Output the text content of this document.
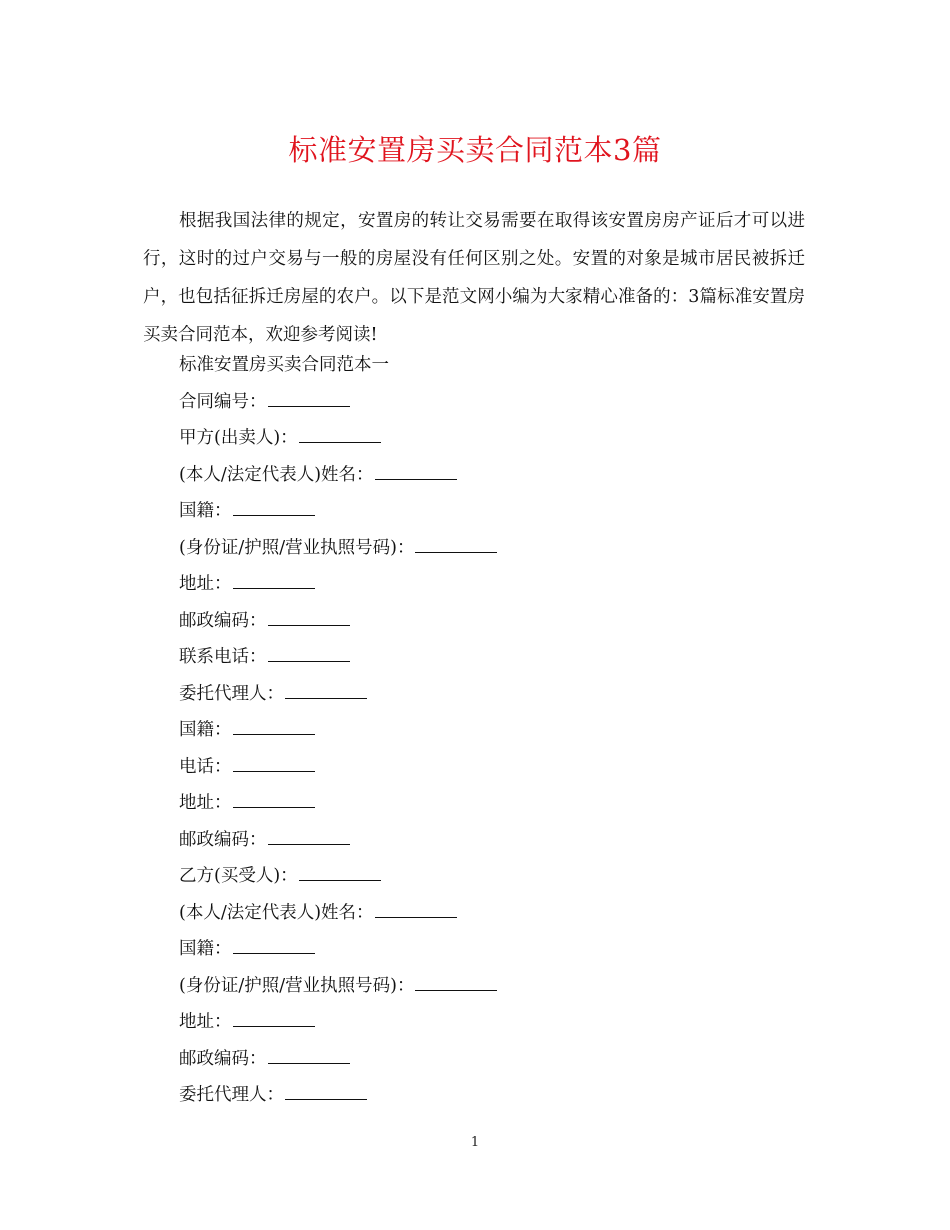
标准安置房买卖合同范本3篇
根据我国法律的规定，安置房的转让交易需要在取得该安置房房产证后才可以进行，这时的过户交易与一般的房屋没有任何区别之处。安置的对象是城市居民被拆迁户，也包括征拆迁房屋的农户。以下是范文网小编为大家精心准备的：3篇标准安置房买卖合同范本，欢迎参考阅读!
标准安置房买卖合同范本一
合同编号：
甲方(出卖人)：
(本人/法定代表人)姓名：
国籍：
(身份证/护照/营业执照号码)：
地址：
邮政编码：
联系电话：
委托代理人：
国籍：
电话：
地址：
邮政编码：
乙方(买受人)：
(本人/法定代表人)姓名：
国籍：
(身份证/护照/营业执照号码)：
地址：
邮政编码：
委托代理人：
1
